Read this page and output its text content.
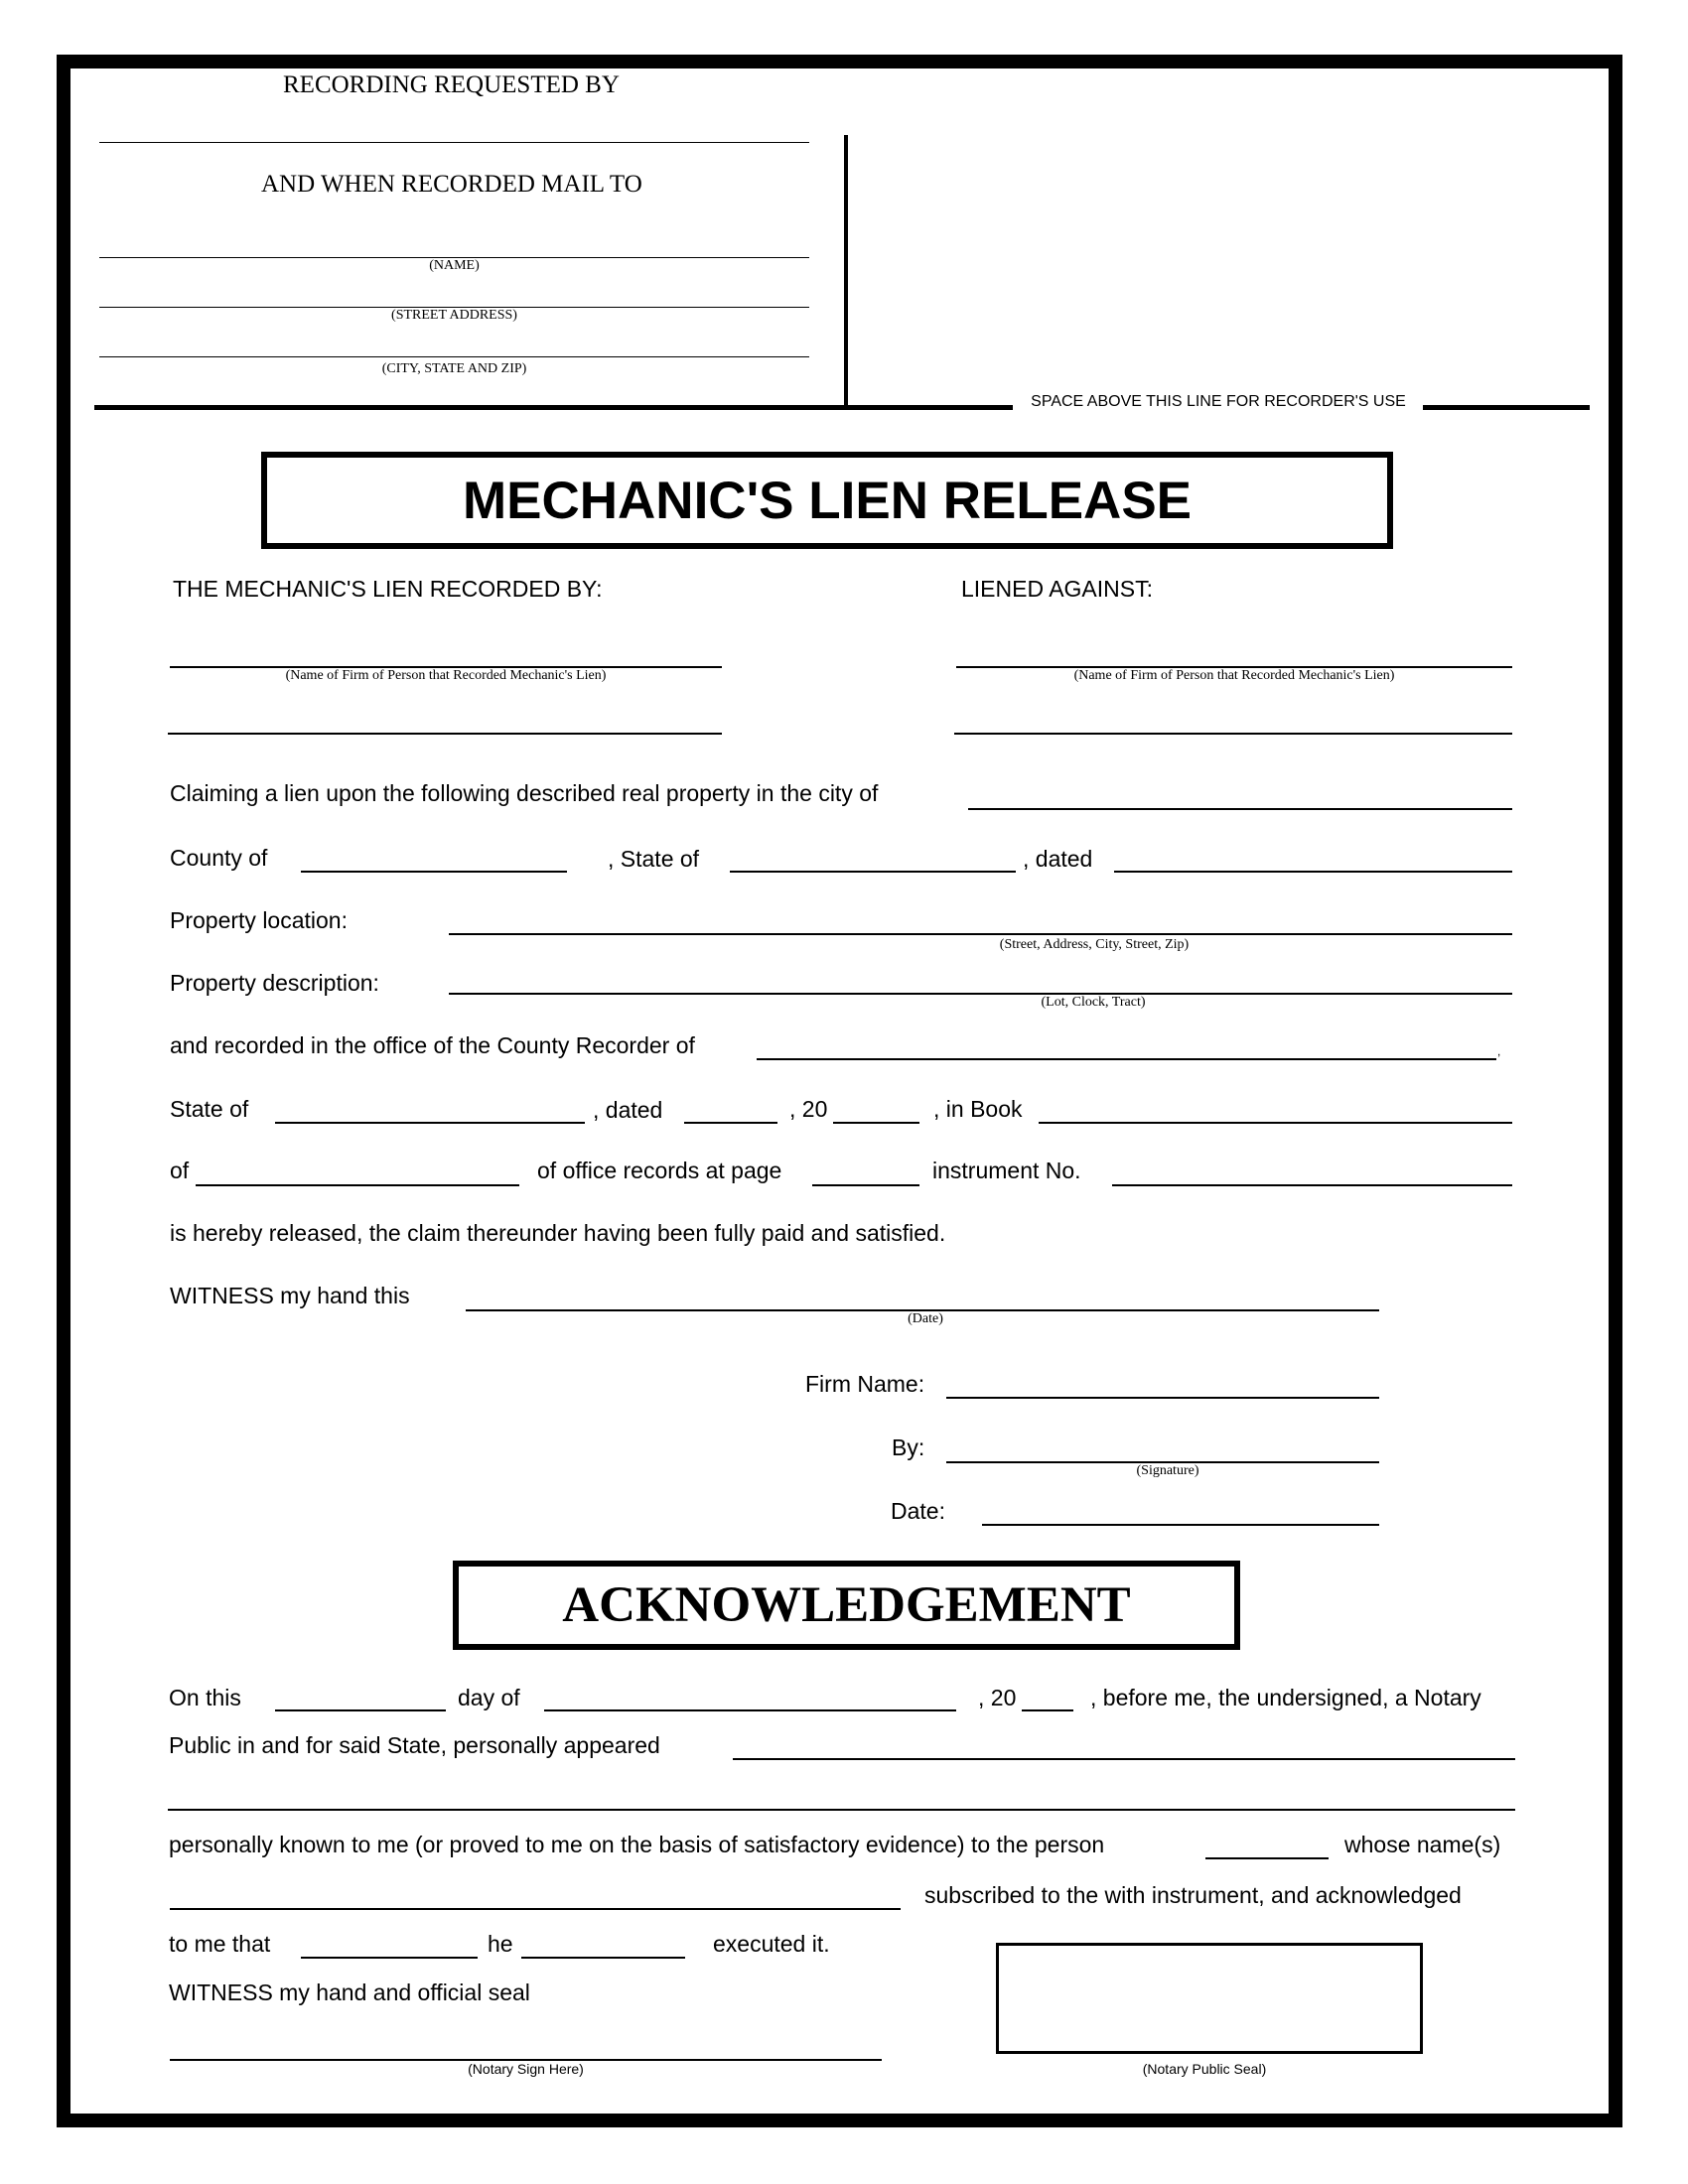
RECORDING REQUESTED BY
AND WHEN RECORDED MAIL TO
(NAME)
(STREET ADDRESS)
(CITY, STATE AND ZIP)
SPACE ABOVE THIS LINE FOR RECORDER'S USE
MECHANIC'S LIEN RELEASE
THE MECHANIC'S LIEN RECORDED BY:	LIENED AGAINST:
(Name of Firm of Person that Recorded Mechanic's Lien)	(Name of Firm of Person that Recorded Mechanic's Lien)
Claiming a lien upon the following described real property in the city of
County of	, State of	, dated
Property location:
(Street, Address, City, Street, Zip)
Property description:
(Lot, Clock, Tract)
and recorded in the office of the County Recorder of	,
State of	, dated	, 20	, in Book
of	of office records at page	instrument No.
is hereby released, the claim thereunder having been fully paid and satisfied.
WITNESS my hand this
(Date)
Firm Name:
By:
(Signature)
Date:
ACKNOWLEDGEMENT
On this	day of	, 20	, before me, the undersigned, a Notary
Public in and for said State, personally appeared
personally known to me (or proved to me on the basis of satisfactory evidence) to the person	whose name(s)
subscribed to the with instrument, and acknowledged
to me that	he	executed it.
(Notary Public Seal)
WITNESS my hand and official seal
(Notary Sign Here)
